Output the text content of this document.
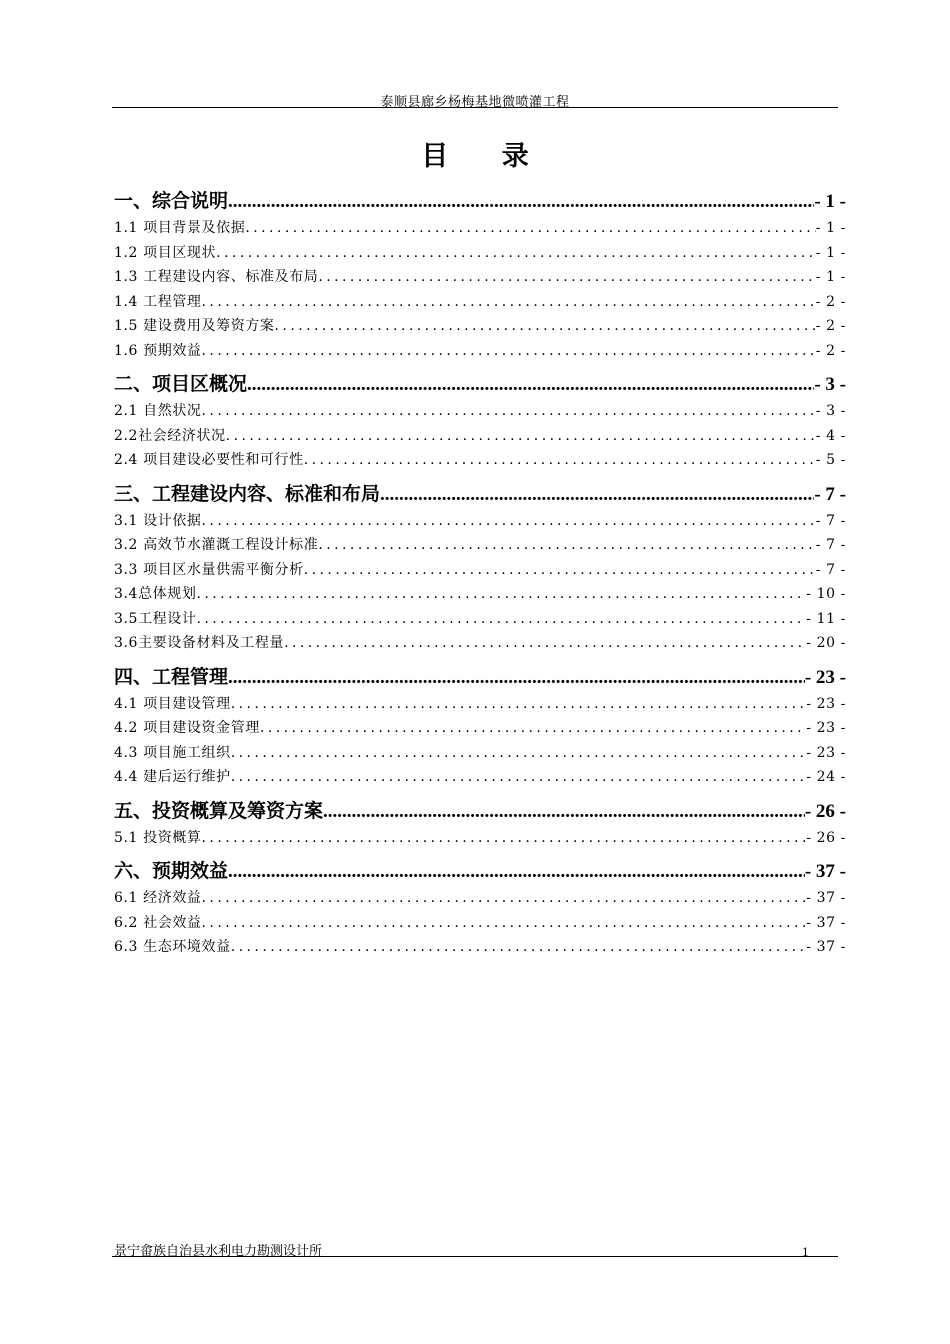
泰顺县廊乡杨梅基地微喷灌工程
目 录
一、综合说明 .....	- 1 -
1.1 项目背景及依据 . . .	- 1 -
1.2 项目区现状 . . .	- 1 -
1.3 工程建设内容、标准及布局 . . .	- 1 -
1.4 工程管理 . . .	- 2 -
1.5 建设费用及筹资方案 . . .	- 2 -
1.6 预期效益 . . .	- 2 -
二、项目区概况 .....	- 3 -
2.1 自然状况 . . .	- 3 -
2.2社会经济状况 . . .	- 4 -
2.4 项目建设必要性和可行性 . . .	- 5 -
三、工程建设内容、标准和布局 .....	- 7 -
3.1 设计依据 . . .	- 7 -
3.2 高效节水灌溉工程设计标准 . . .	- 7 -
3.3 项目区水量供需平衡分析 . . .	- 7 -
3.4总体规划 . . .	- 10 -
3.5工程设计 . . .	- 11 -
3.6主要设备材料及工程量 . . .	- 20 -
四、工程管理 .....	- 23 -
4.1 项目建设管理 . . .	- 23 -
4.2 项目建设资金管理 . . .	- 23 -
4.3 项目施工组织 . . .	- 23 -
4.4 建后运行维护 . . .	- 24 -
五、投资概算及筹资方案 .....	- 26 -
5.1 投资概算 . . .	- 26 -
六、预期效益 .....	- 37 -
6.1 经济效益 . . .	- 37 -
6.2 社会效益 . . .	- 37 -
6.3 生态环境效益 . . .	- 37 -
景宁畲族自治县水利电力勘测设计所	1
